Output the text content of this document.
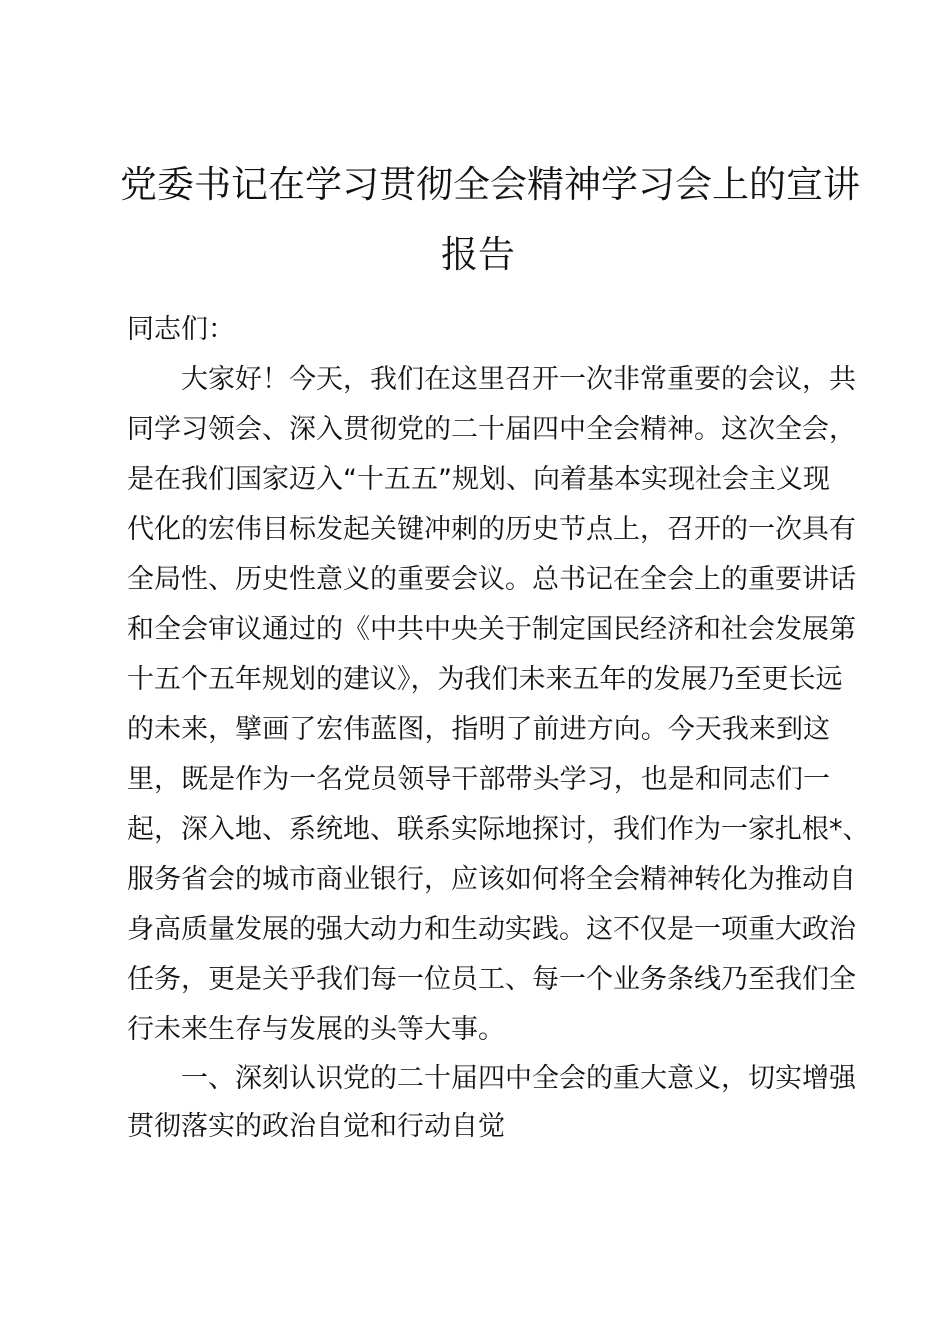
党委书记在学习贯彻全会精神学习会上的宣讲
报告
同志们：
大家好！今天，我们在这里召开一次非常重要的会议，共
同学习领会、深入贯彻党的二十届四中全会精神。这次全会，
是在我们国家迈入“十五五”规划、向着基本实现社会主义现
代化的宏伟目标发起关键冲刺的历史节点上，召开的一次具有
全局性、历史性意义的重要会议。总书记在全会上的重要讲话
和全会审议通过的《中共中央关于制定国民经济和社会发展第
十五个五年规划的建议》，为我们未来五年的发展乃至更长远
的未来，擘画了宏伟蓝图，指明了前进方向。今天我来到这
里，既是作为一名党员领导干部带头学习，也是和同志们一
起，深入地、系统地、联系实际地探讨，我们作为一家扎根*、
服务省会的城市商业银行，应该如何将全会精神转化为推动自
身高质量发展的强大动力和生动实践。这不仅是一项重大政治
任务，更是关乎我们每一位员工、每一个业务条线乃至我们全
行未来生存与发展的头等大事。
一、深刻认识党的二十届四中全会的重大意义，切实增强
贯彻落实的政治自觉和行动自觉
